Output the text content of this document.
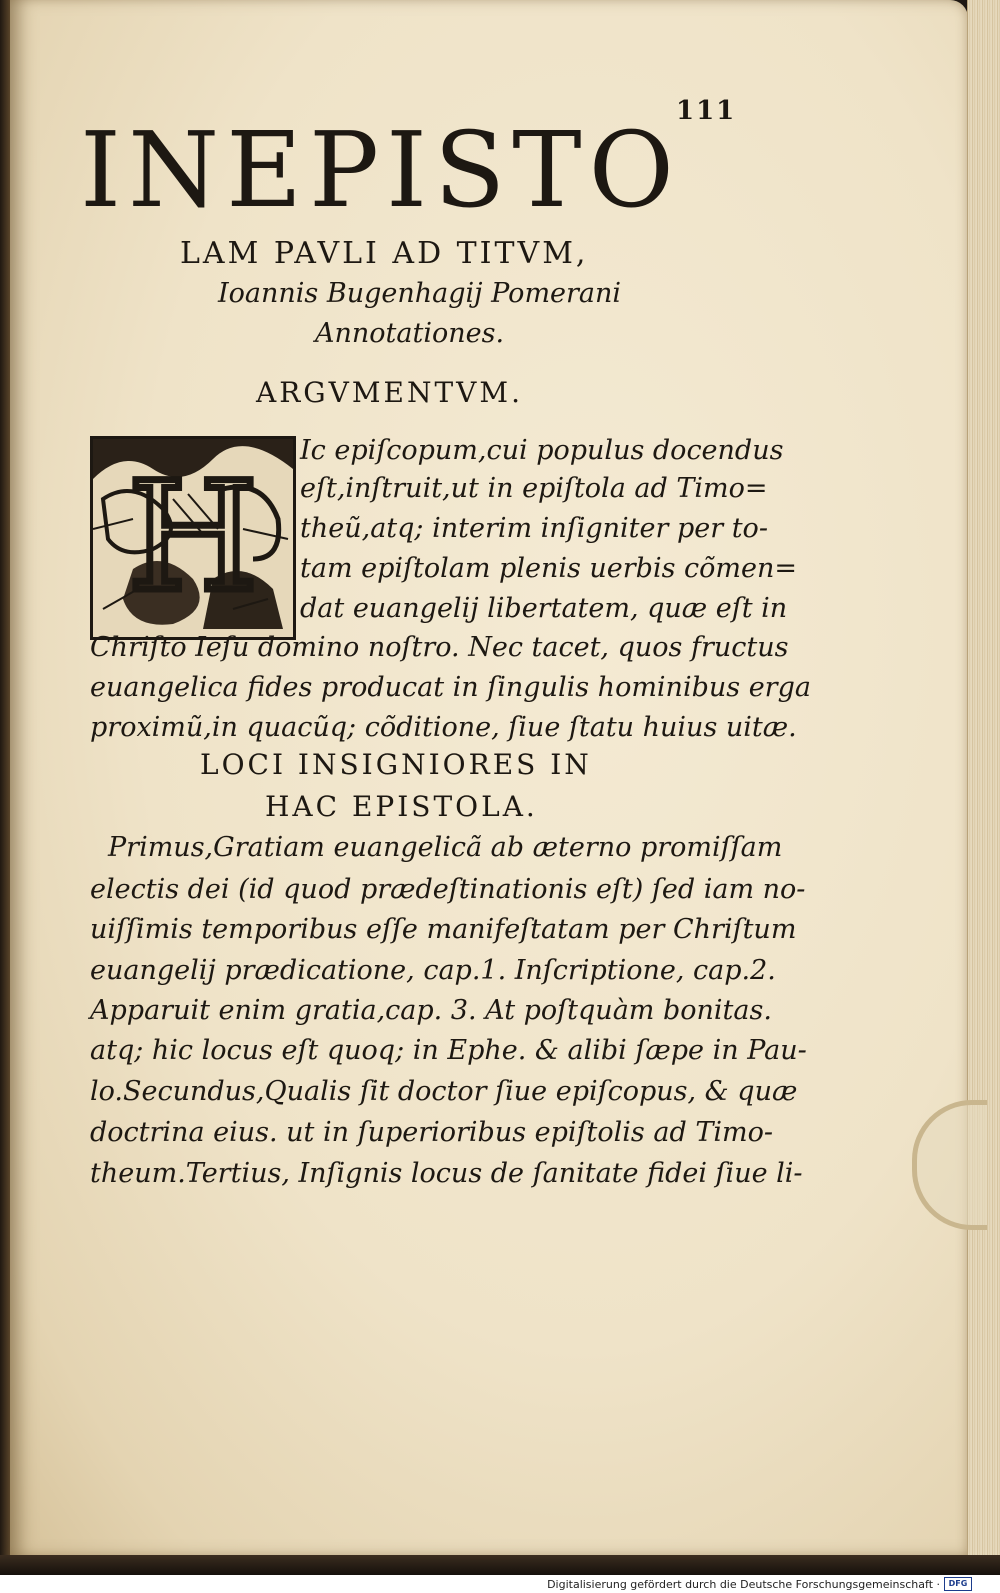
111
INEPISTO
LAM PAVLI AD TITVM,
Ioannis Bugenhagij Pomerani
Annotationes.
ARGVMENTVM.
H
Ic epiſcopum,cui populus docendus
eſt,inſtruit,ut in epiſtola ad Timo=
theũ,atq; interim inſigniter per to-
tam epiſtolam plenis uerbis cõmen=
dat euangelij libertatem, quæ eſt in
Chriſto Ieſu domino noſtro. Nec tacet, quos fructus
euangelica fides producat in ſingulis hominibus erga
proximũ,in quacũq; cõditione, ſiue ſtatu huius uitæ.
LOCI INSIGNIORES IN
HAC EPISTOLA.
Primus,Gratiam euangelicã ab æterno promiſſam
electis dei (id quod prædeſtinationis eſt) ſed iam no-
uiſſimis temporibus eſſe manifeſtatam per Chriſtum
euangelij prædicatione, cap.1. Inſcriptione, cap.2.
Apparuit enim gratia,cap. 3. At poſtquàm bonitas.
atq; hic locus eſt quoq; in Ephe. & alibi ſæpe in Pau-
lo.Secundus,Qualis ſit doctor ſiue epiſcopus, & quæ
doctrina eius. ut in ſuperioribus epiſtolis ad Timo-
theum.Tertius, Inſignis locus de ſanitate fidei ſiue li-
Digitalisierung gefördert durch die Deutsche Forschungsgemeinschaft ·	DFG
